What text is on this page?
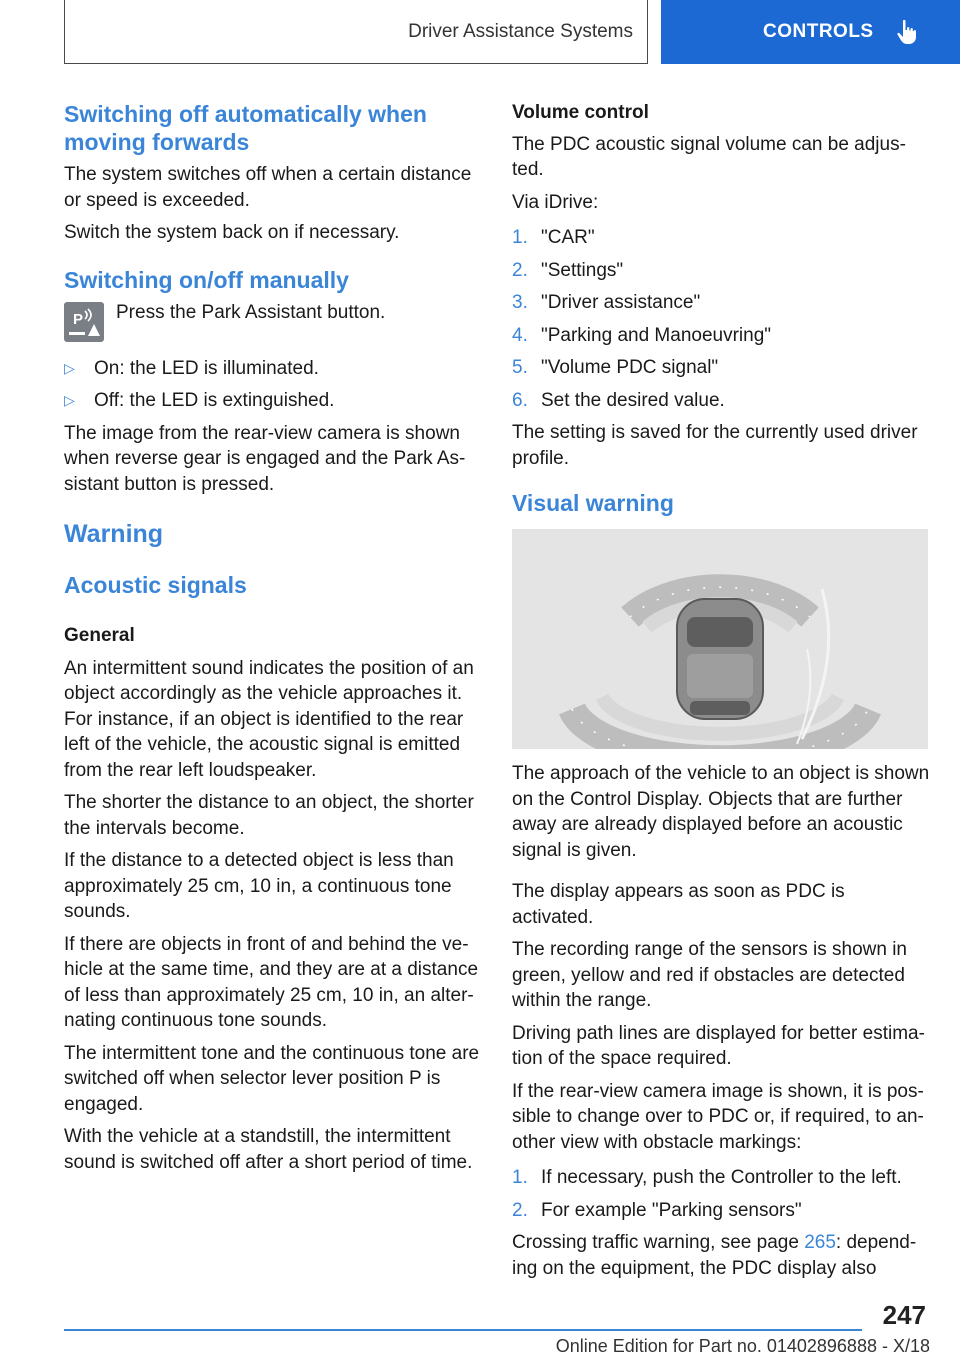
Driver Assistance Systems	CONTROLS
Switching off automatically when moving forwards

The system switches off when a certain distance or speed is exceeded.

Switch the system back on if necessary.

Switching on/off manually
P	Press the Park Assistant button.

▷	On: the LED is illuminated.
▷	Off: the LED is extinguished.

The image from the rear-view camera is shown when reverse gear is engaged and the Park As‐sistant button is pressed.

Warning
Acoustic signals

General

An intermittent sound indicates the position of an object accordingly as the vehicle approaches it. For instance, if an object is identified to the rear left of the vehicle, the acoustic signal is emitted from the rear left loudspeaker.

The shorter the distance to an object, the shorter the intervals become.

If the distance to a detected object is less than approximately 25 cm, 10 in, a continuous tone sounds.

If there are objects in front of and behind the ve‐hicle at the same time, and they are at a distance of less than approximately 25 cm, 10 in, an alter‐nating continuous tone sounds.

The intermittent tone and the continuous tone are switched off when selector lever position P is engaged.

With the vehicle at a standstill, the intermittent sound is switched off after a short period of time.

Volume control

The PDC acoustic signal volume can be adjus‐ted.

Via iDrive:

1. "CAR"
2. "Settings"
3. "Driver assistance"
4. "Parking and Manoeuvring"
5. "Volume PDC signal"
6. Set the desired value.

The setting is saved for the currently used driver profile.

Visual warning

The approach of the vehicle to an object is shown on the Control Display. Objects that are further away are already displayed before an acoustic signal is given.

The display appears as soon as PDC is activated.

The recording range of the sensors is shown in green, yellow and red if obstacles are detected within the range.

Driving path lines are displayed for better estima‐tion of the space required.

If the rear-view camera image is shown, it is pos‐sible to change over to PDC or, if required, to an‐other view with obstacle markings:

1. If necessary, push the Controller to the left.
2. For example "Parking sensors"

Crossing traffic warning, see page 265: depend‐ing on the equipment, the PDC display also

247
Online Edition for Part no. 01402896888 - X/18
